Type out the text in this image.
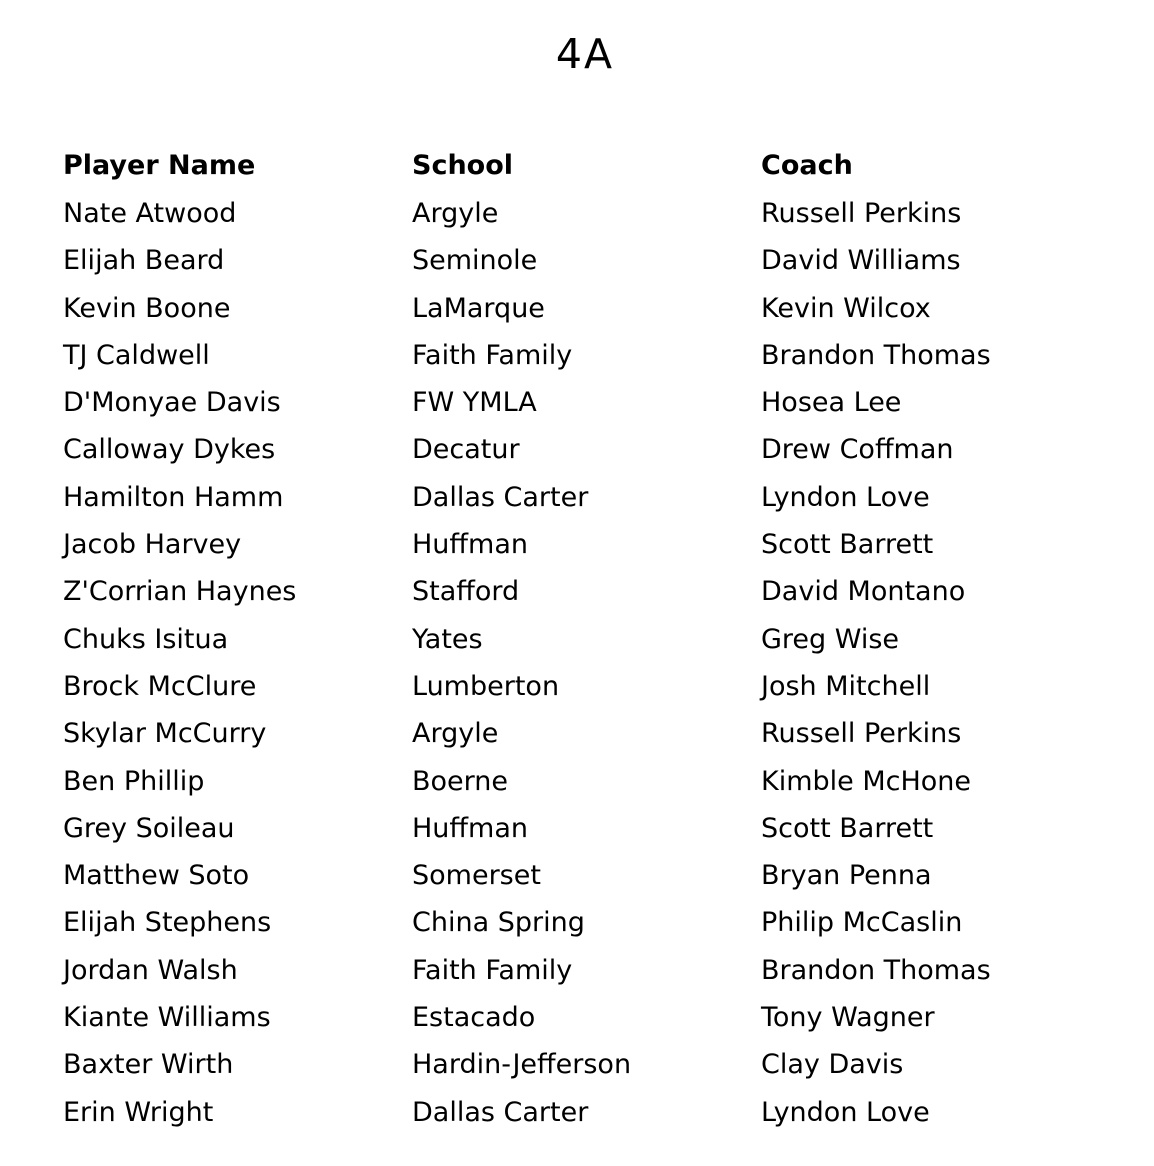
4A
Player Name	School	Coach
Nate Atwood	Argyle	Russell Perkins
Elijah Beard	Seminole	David Williams
Kevin Boone	LaMarque	Kevin Wilcox
TJ Caldwell	Faith Family	Brandon Thomas
D'Monyae Davis	FW YMLA	Hosea Lee
Calloway Dykes	Decatur	Drew Coffman
Hamilton Hamm	Dallas Carter	Lyndon Love
Jacob Harvey	Huffman	Scott Barrett
Z'Corrian Haynes	Stafford	David Montano
Chuks Isitua	Yates	Greg Wise
Brock McClure	Lumberton	Josh Mitchell
Skylar McCurry	Argyle	Russell Perkins
Ben Phillip	Boerne	Kimble McHone
Grey Soileau	Huffman	Scott Barrett
Matthew Soto	Somerset	Bryan Penna
Elijah Stephens	China Spring	Philip McCaslin
Jordan Walsh	Faith Family	Brandon Thomas
Kiante Williams	Estacado	Tony Wagner
Baxter Wirth	Hardin-Jefferson	Clay Davis
Erin Wright	Dallas Carter	Lyndon Love
